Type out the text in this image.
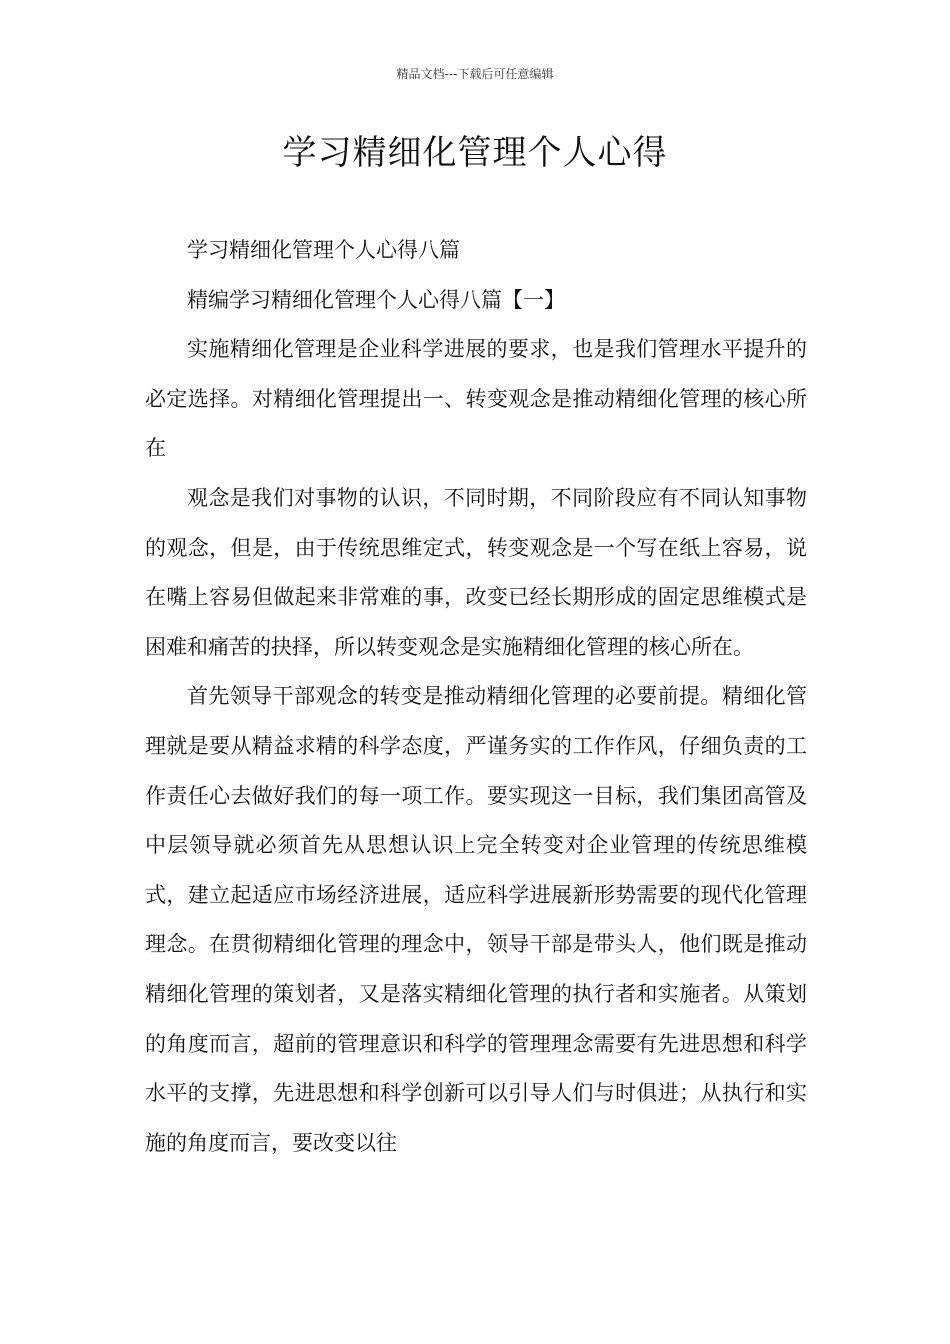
精品文档---下载后可任意编辑
学习精细化管理个人心得

学习精细化管理个人心得八篇

精编学习精细化管理个人心得八篇【一】

实施精细化管理是企业科学进展的要求，也是我们管理水平提升的必定选择。对精细化管理提出一、转变观念是推动精细化管理的核心所在

观念是我们对事物的认识，不同时期，不同阶段应有不同认知事物的观念，但是，由于传统思维定式，转变观念是一个写在纸上容易，说在嘴上容易但做起来非常难的事，改变已经长期形成的固定思维模式是困难和痛苦的抉择，所以转变观念是实施精细化管理的核心所在。

首先领导干部观念的转变是推动精细化管理的必要前提。精细化管理就是要从精益求精的科学态度，严谨务实的工作作风，仔细负责的工作责任心去做好我们的每一项工作。要实现这一目标，我们集团高管及中层领导就必须首先从思想认识上完全转变对企业管理的传统思维模式，建立起适应市场经济进展，适应科学进展新形势需要的现代化管理理念。在贯彻精细化管理的理念中，领导干部是带头人，他们既是推动精细化管理的策划者，又是落实精细化管理的执行者和实施者。从策划的角度而言，超前的管理意识和科学的管理理念需要有先进思想和科学水平的支撑，先进思想和科学创新可以引导人们与时俱进；从执行和实施的角度而言，要改变以往
